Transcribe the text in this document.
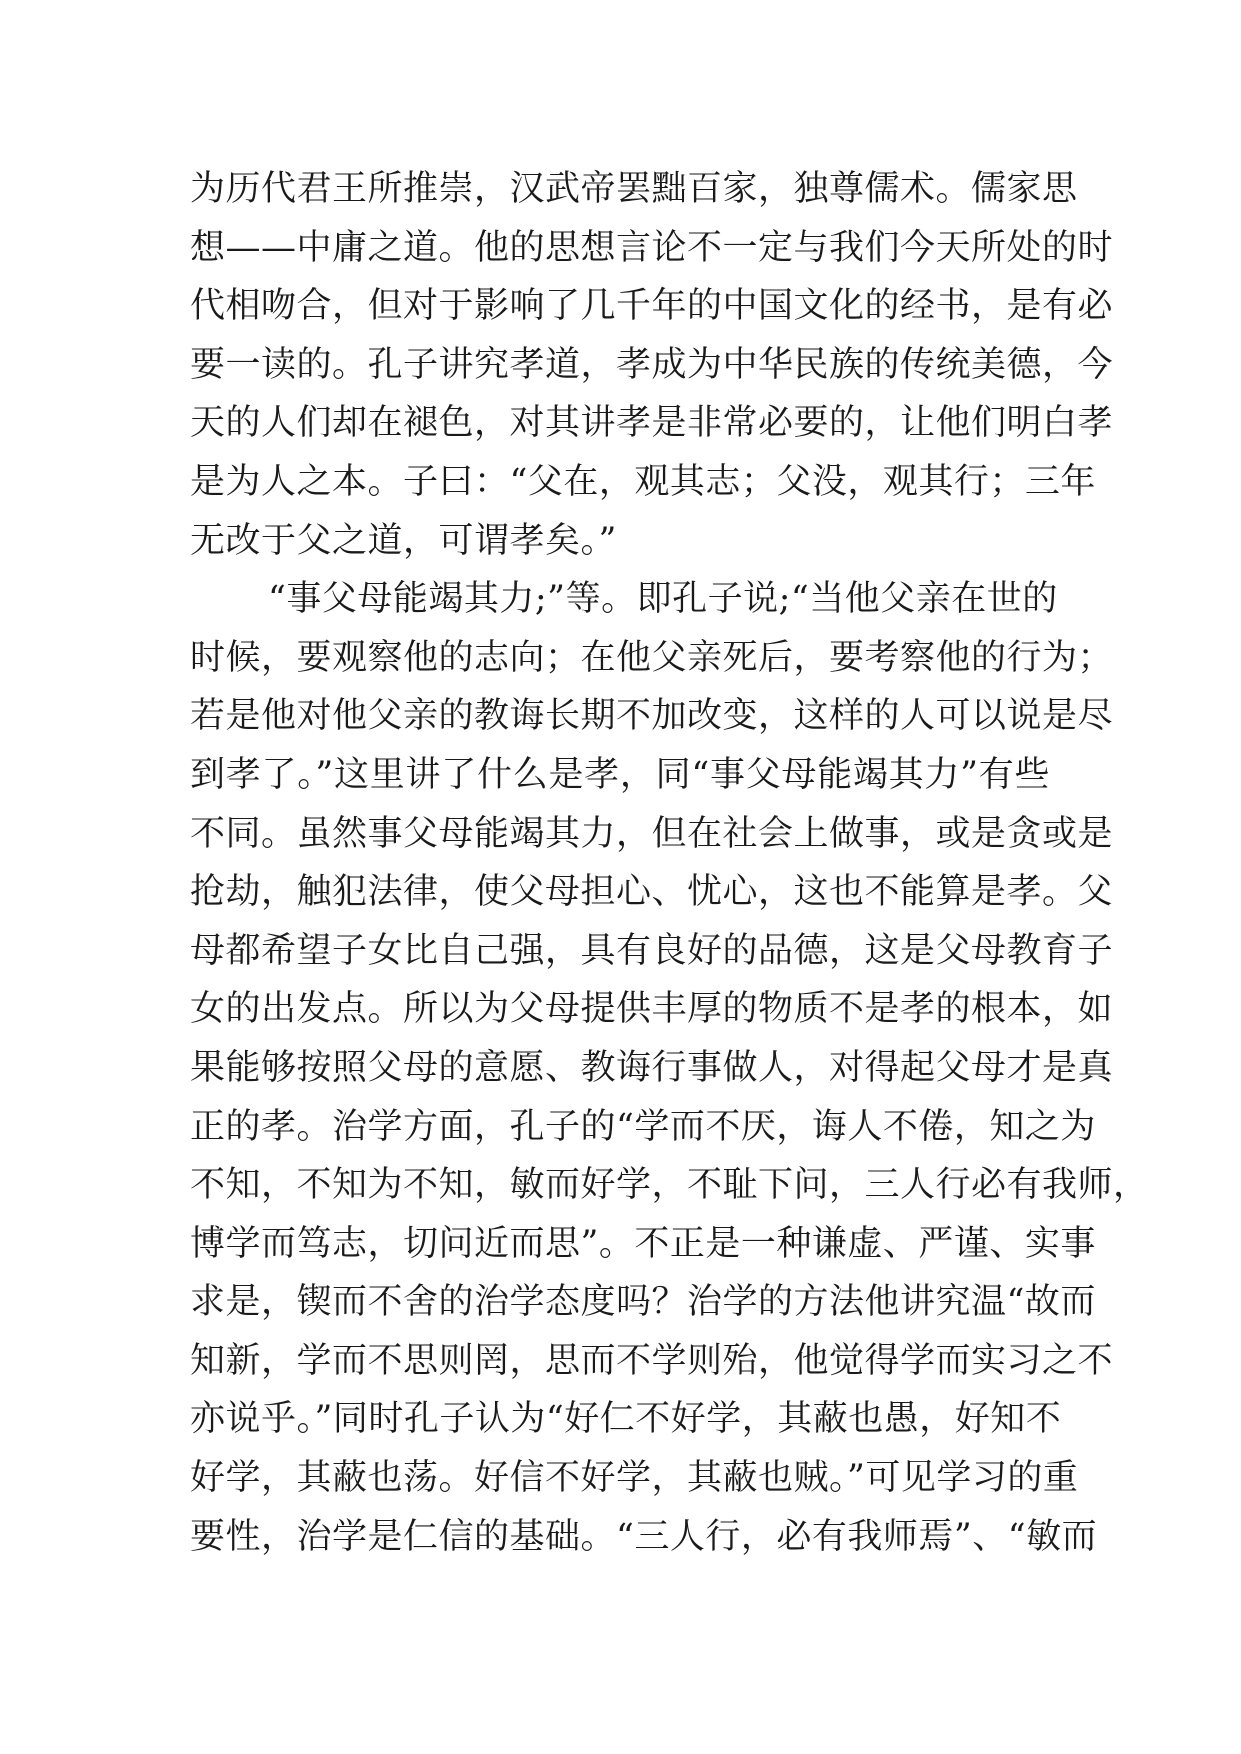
为历代君王所推崇，汉武帝罢黜百家，独尊儒术。儒家思
想——中庸之道。他的思想言论不一定与我们今天所处的时
代相吻合，但对于影响了几千年的中国文化的经书，是有必
要一读的。孔子讲究孝道，孝成为中华民族的传统美德，今
天的人们却在褪色，对其讲孝是非常必要的，让他们明白孝
是为人之本。子曰：“父在，观其志；父没，观其行；三年
无改于父之道，可谓孝矣。”
“事父母能竭其力;”等。即孔子说;“当他父亲在世的
时候，要观察他的志向；在他父亲死后，要考察他的行为；
若是他对他父亲的教诲长期不加改变，这样的人可以说是尽
到孝了。”这里讲了什么是孝，同“事父母能竭其力”有些
不同。虽然事父母能竭其力，但在社会上做事，或是贪或是
抢劫，触犯法律，使父母担心、忧心，这也不能算是孝。父
母都希望子女比自己强，具有良好的品德，这是父母教育子
女的出发点。所以为父母提供丰厚的物质不是孝的根本，如
果能够按照父母的意愿、教诲行事做人，对得起父母才是真
正的孝。治学方面，孔子的“学而不厌，诲人不倦，知之为
不知，不知为不知，敏而好学，不耻下问，三人行必有我师，
博学而笃志，切问近而思”。不正是一种谦虚、严谨、实事
求是，锲而不舍的治学态度吗？治学的方法他讲究温“故而
知新，学而不思则罔，思而不学则殆，他觉得学而实习之不
亦说乎。”同时孔子认为“好仁不好学，其蔽也愚，好知不
好学，其蔽也荡。好信不好学，其蔽也贼。”可见学习的重
要性，治学是仁信的基础。“三人行，必有我师焉”、“敏而
